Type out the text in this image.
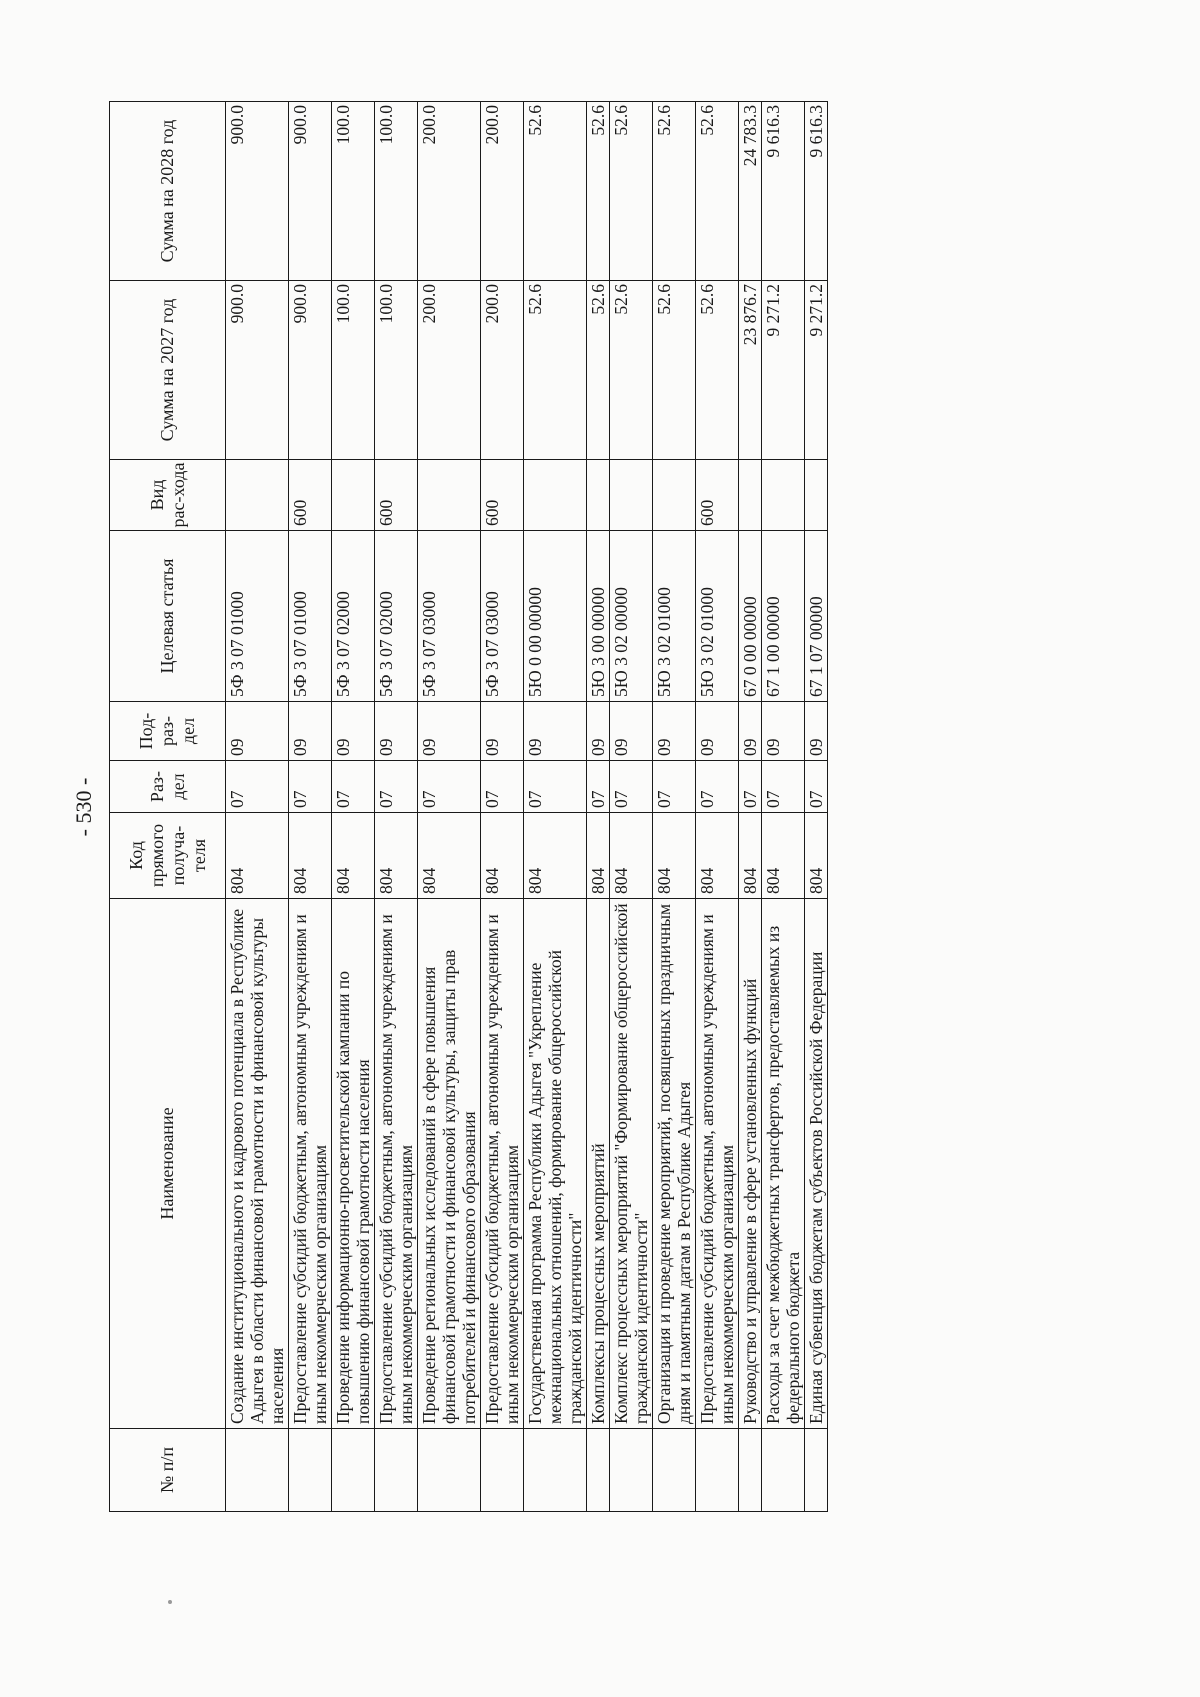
- 530 -
№ п/п	Наименование	Код прямого получа-теля	Раз-дел	Под-раз-дел	Целевая статья	Вид рас-хода	Сумма на 2027 год	Сумма на 2028 год
	Создание институционального и кадрового потенциала в Республике Адыгея в области финансовой грамотности и финансовой культуры населения	804	07	09	5Ф 3 07 01000		900.0	900.0
	Предоставление субсидий бюджетным, автономным учреждениям и иным некоммерческим организациям	804	07	09	5Ф 3 07 01000	600	900.0	900.0
	Проведение информационно-просветительской кампании по повышению финансовой грамотности населения	804	07	09	5Ф 3 07 02000		100.0	100.0
	Предоставление субсидий бюджетным, автономным учреждениям и иным некоммерческим организациям	804	07	09	5Ф 3 07 02000	600	100.0	100.0
	Проведение региональных исследований в сфере повышения финансовой грамотности и финансовой культуры, защиты прав потребителей и финансового образования	804	07	09	5Ф 3 07 03000		200.0	200.0
	Предоставление субсидий бюджетным, автономным учреждениям и иным некоммерческим организациям	804	07	09	5Ф 3 07 03000	600	200.0	200.0
	Государственная программа Республики Адыгея "Укрепление межнациональных отношений, формирование общероссийской гражданской идентичности"	804	07	09	5Ю 0 00 00000		52.6	52.6
	Комплексы процессных мероприятий	804	07	09	5Ю 3 00 00000		52.6	52.6
	Комплекс процессных мероприятий "Формирование общероссийской гражданской идентичности"	804	07	09	5Ю 3 02 00000		52.6	52.6
	Организация и проведение мероприятий, посвященных праздничным дням и памятным датам в Республике Адыгея	804	07	09	5Ю 3 02 01000		52.6	52.6
	Предоставление субсидий бюджетным, автономным учреждениям и иным некоммерческим организациям	804	07	09	5Ю 3 02 01000	600	52.6	52.6
	Руководство и управление в сфере установленных функций	804	07	09	67 0 00 00000		23 876.7	24 783.3
	Расходы за счет межбюджетных трансфертов, предоставляемых из федерального бюджета	804	07	09	67 1 00 00000		9 271.2	9 616.3
	Единая субвенция бюджетам субъектов Российской Федерации	804	07	09	67 1 07 00000		9 271.2	9 616.3
